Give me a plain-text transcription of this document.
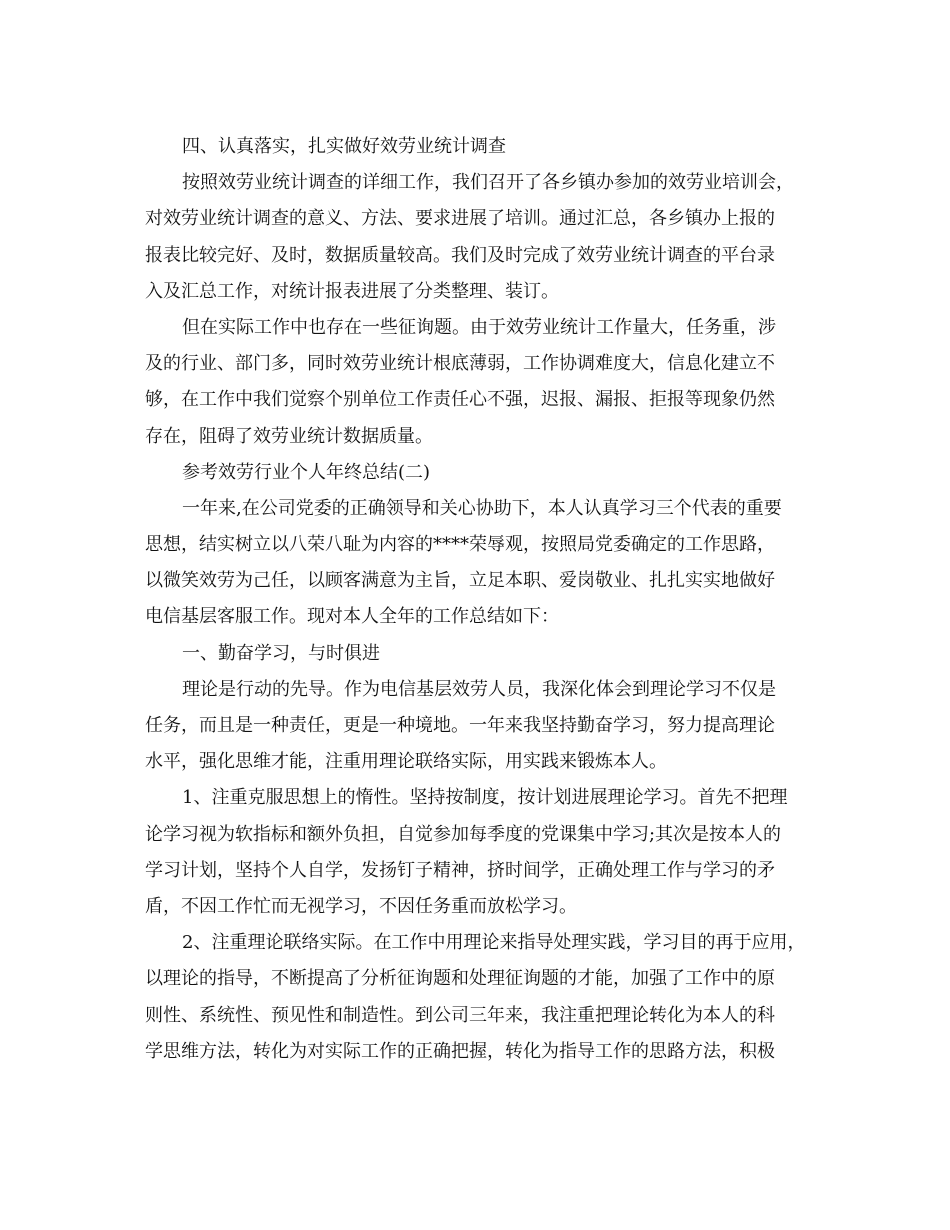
四、认真落实，扎实做好效劳业统计调查
按照效劳业统计调查的详细工作，我们召开了各乡镇办参加的效劳业培训会，
对效劳业统计调查的意义、方法、要求进展了培训。通过汇总，各乡镇办上报的
报表比较完好、及时，数据质量较高。我们及时完成了效劳业统计调查的平台录
入及汇总工作，对统计报表进展了分类整理、装订。
但在实际工作中也存在一些征询题。由于效劳业统计工作量大，任务重，涉
及的行业、部门多，同时效劳业统计根底薄弱，工作协调难度大，信息化建立不
够，在工作中我们觉察个别单位工作责任心不强，迟报、漏报、拒报等现象仍然
存在，阻碍了效劳业统计数据质量。
参考效劳行业个人年终总结(二)
一年来,在公司党委的正确领导和关心协助下，本人认真学习三个代表的重要
思想，结实树立以八荣八耻为内容的****荣辱观，按照局党委确定的工作思路，
以微笑效劳为己任，以顾客满意为主旨，立足本职、爱岗敬业、扎扎实实地做好
电信基层客服工作。现对本人全年的工作总结如下：
一、勤奋学习，与时俱进
理论是行动的先导。作为电信基层效劳人员，我深化体会到理论学习不仅是
任务，而且是一种责任，更是一种境地。一年来我坚持勤奋学习，努力提高理论
水平，强化思维才能，注重用理论联络实际，用实践来锻炼本人。
1、注重克服思想上的惰性。坚持按制度，按计划进展理论学习。首先不把理
论学习视为软指标和额外负担，自觉参加每季度的党课集中学习;其次是按本人的
学习计划，坚持个人自学，发扬钉子精神，挤时间学，正确处理工作与学习的矛
盾，不因工作忙而无视学习，不因任务重而放松学习。
2、注重理论联络实际。在工作中用理论来指导处理实践，学习目的再于应用，
以理论的指导，不断提高了分析征询题和处理征询题的才能，加强了工作中的原
则性、系统性、预见性和制造性。到公司三年来，我注重把理论转化为本人的科
学思维方法，转化为对实际工作的正确把握，转化为指导工作的思路方法，积极
